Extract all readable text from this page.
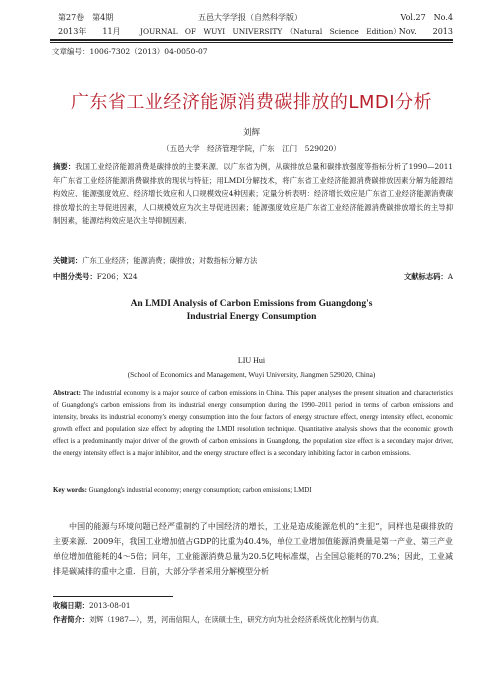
第27卷　第4期	五邑大学学报（自然科学版）	Vol.27　No.4
2013年　　11月	JOURNAL　OF　WUYI　UNIVERSITY　（Natural　Science　Edition）
Nov.　　2013
文章编号：1006-7302（2013）04-0050-07
广东省工业经济能源消费碳排放的LMDI分析
刘辉
（五邑大学　经济管理学院，广东　江门　529020）
摘要：我国工业经济能源消费是碳排放的主要来源．以广东省为例，从碳排放总量和碳排放强度等指标分析了1990—2011年广东省工业经济能源消费碳排放的现状与特征；用LMDI分解技术，将广东省工业经济能源消费碳排放因素分解为能源结构效应、能源强度效应、经济增长效应和人口规模效应4种因素；定量分析表明：经济增长效应是广东省工业经济能源消费碳排放增长的主导促进因素，人口规模效应为次主导促进因素；能源强度效应是广东省工业经济能源消费碳排放增长的主导抑制因素，能源结构效应是次主导抑制因素．
关键词：广东工业经济；能源消费；碳排放；对数指标分解方法
中图分类号：F206；X24	文献标志码：A
An LMDI Analysis of Carbon Emissions from Guangdong's
Industrial Energy Consumption
LIU Hui
(School of Economics and Management, Wuyi University, Jiangmen 529020, China)
Abstract: The industrial economy is a major source of carbon emissions in China. This paper analyses the present situation and characteristics of Guangdong's carbon emissions from its industrial energy consumption during the 1990–2011 period in terms of carbon emissions and intensity, breaks its industrial economy's energy consumption into the four factors of energy structure effect, energy intensity effect, economic growth effect and population size effect by adopting the LMDI resolution technique. Quantitative analysis shows that the economic growth effect is a predominantly major driver of the growth of carbon emissions in Guangdong, the population size effect is a secondary major driver, the energy intensity effect is a major inhibitor, and the energy structure effect is a secondary inhibiting factor in carbon emissions.
Key words: Guangdong's industrial economy; energy consumption; carbon emissions; LMDI

中国的能源与环境问题已经严重制约了中国经济的增长，工业是造成能源危机的“主犯”，同样也是碳排放的主要来源．2009年，我国工业增加值占GDP的比重为40.4%，单位工业增加值能源消费量是第一产业、第三产业单位增加值能耗的4～5倍；同年，工业能源消费总量为20.5亿吨标准煤，占全国总能耗的70.2%；因此，工业减排是碳减排的重中之重．目前，大部分学者采用分解模型分析

收稿日期：2013-08-01
作者简介：刘辉（1987—），男，河南信阳人，在读硕士生，研究方向为社会经济系统优化控制与仿真．
